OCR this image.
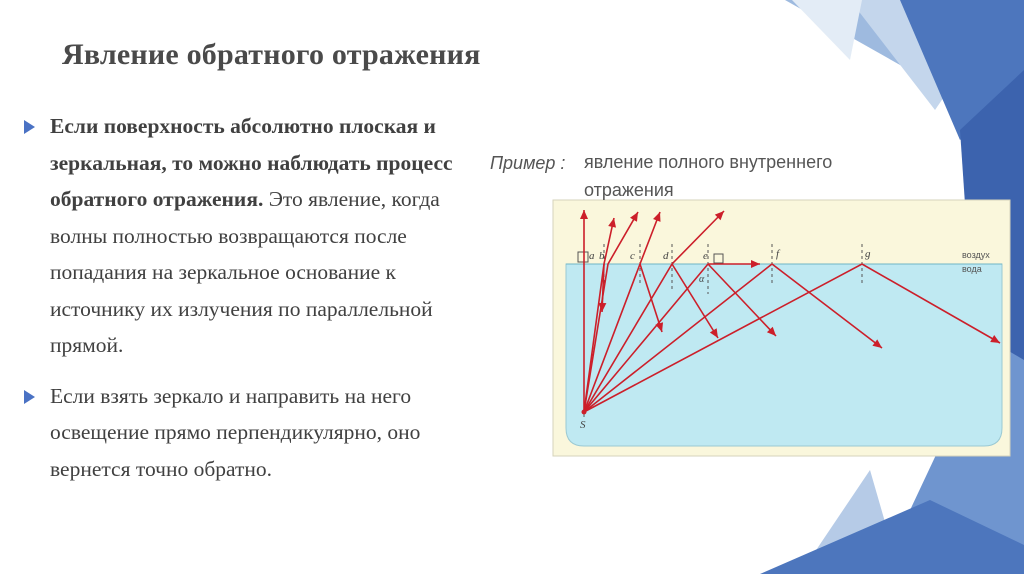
a b c	d	e	f	g
S
α
воздух
вода
Явление обратного отражения
Если поверхность абсолютно плоская и зеркальная, то можно наблюдать процесс обратного отражения. Это явление, когда волны полностью возвращаются после попадания на зеркальное основание к источнику их излучения по параллельной прямой.
Если взять зеркало и направить на него освещение прямо перпендикулярно, оно вернется точно обратно.
Пример :	явление полного внутреннего отражения
